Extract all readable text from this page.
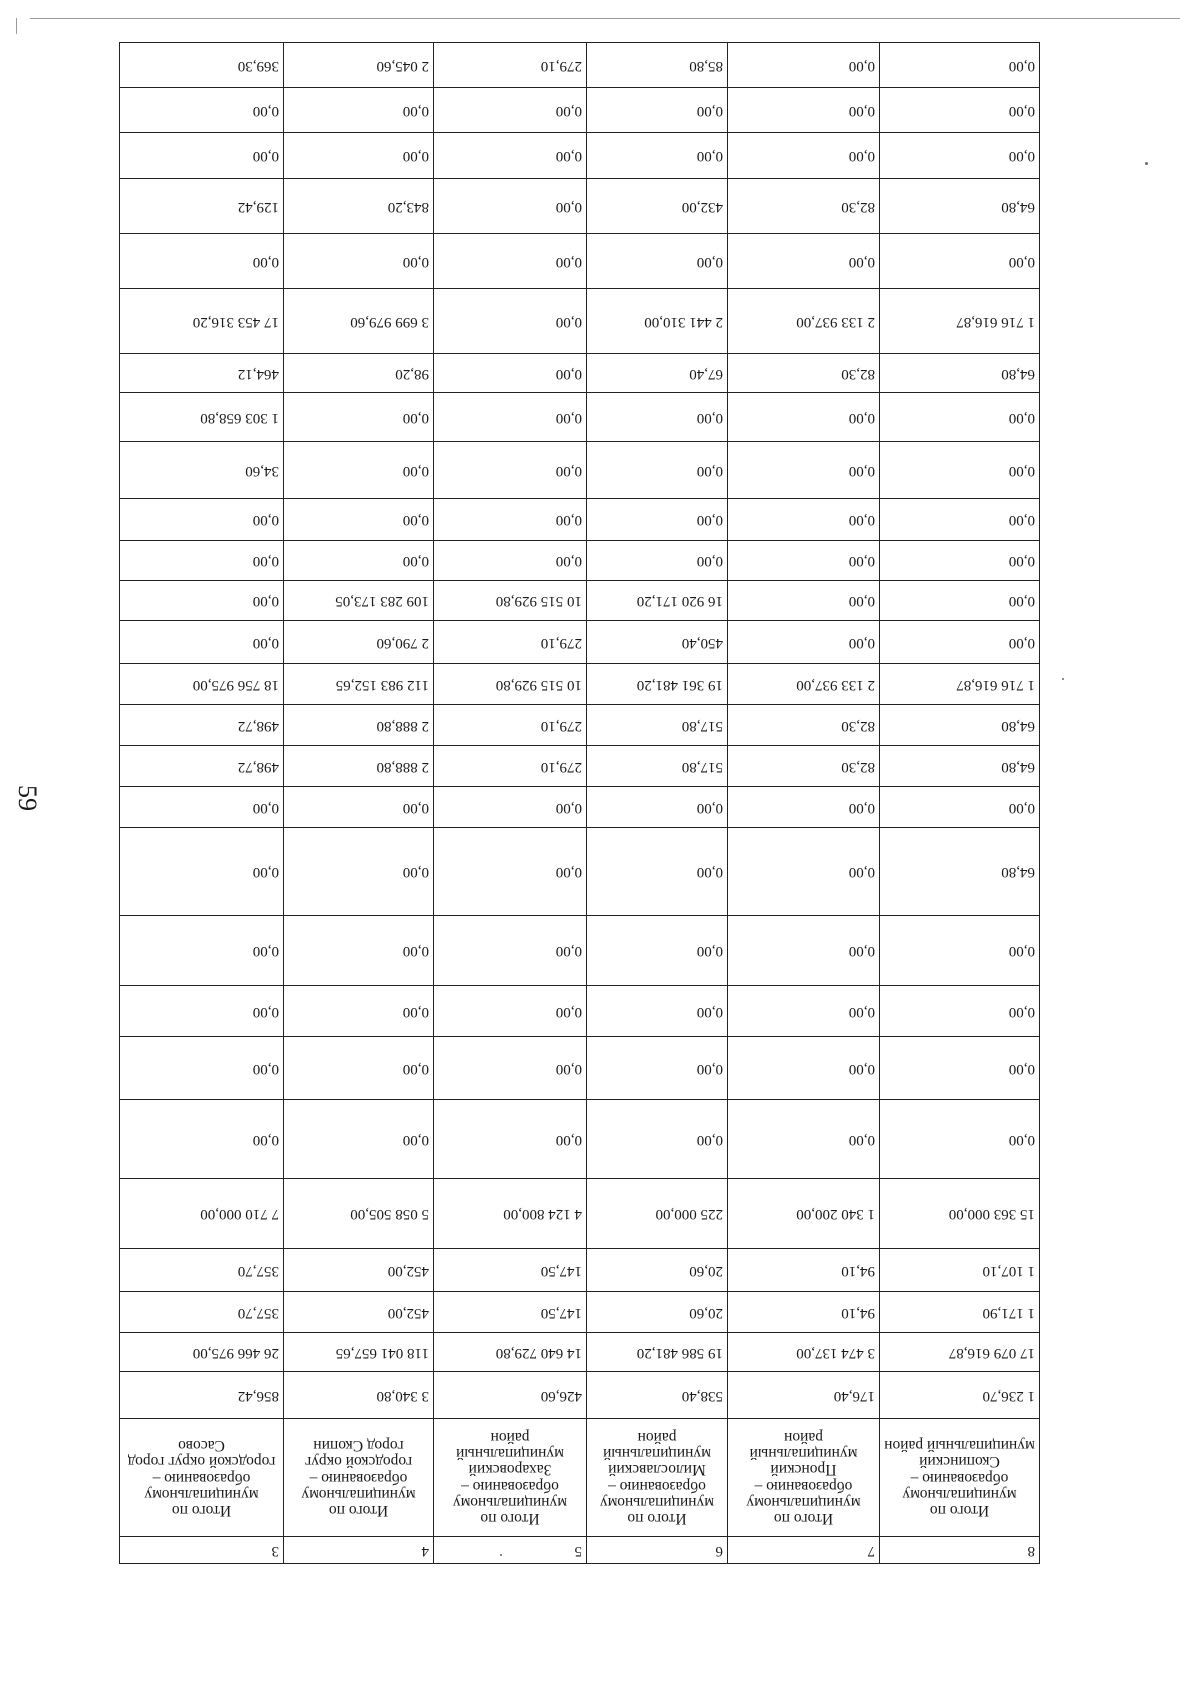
59
8	7	6	5	4	3
Итого по муниципальному образованию – Скопинский муниципальный район	Итого по муниципальному образованию – Пронский муниципальный район	Итого по муниципальному образованию – Милославский муниципальный район	Итого по муниципальному образованию – Захаровский муниципальный район	Итого по муниципальному образованию – городской округ город Скопин	Итого по муниципальному образованию – городской округ город Сасово
1 236,70	176,40	538,40	426,60	3 340,80	856,42
17 079 616,87	3 474 137,00	19 586 481,20	14 640 729,80	118 041 657,65	26 466 975,00
1 171,90	94,10	20,60	147,50	452,00	357,70
1 107,10	94,10	20,60	147,50	452,00	357,70
15 363 000,00	1 340 200,00	225 000,00	4 124 800,00	5 058 505,00	7 710 000,00
0,00	0,00	0,00	0,00	0,00	0,00
0,00	0,00	0,00	0,00	0,00	0,00
0,00	0,00	0,00	0,00	0,00	0,00
0,00	0,00	0,00	0,00	0,00	0,00
64,80	0,00	0,00	0,00	0,00	0,00
0,00	0,00	0,00	0,00	0,00	0,00
64,80	82,30	517,80	279,10	2 888,80	498,72
64,80	82,30	517,80	279,10	2 888,80	498,72
1 716 616,87	2 133 937,00	19 361 481,20	10 515 929,80	112 983 152,65	18 756 975,00
0,00	0,00	450,40	279,10	2 790,60	0,00
0,00	0,00	16 920 171,20	10 515 929,80	109 283 173,05	0,00
0,00	0,00	0,00	0,00	0,00	0,00
0,00	0,00	0,00	0,00	0,00	0,00
0,00	0,00	0,00	0,00	0,00	34,60
0,00	0,00	0,00	0,00	0,00	1 303 658,80
64,80	82,30	67,40	0,00	98,20	464,12
1 716 616,87	2 133 937,00	2 441 310,00	0,00	3 699 979,60	17 453 316,20
0,00	0,00	0,00	0,00	0,00	0,00
64,80	82,30	432,00	0,00	843,20	129,42
0,00	0,00	0,00	0,00	0,00	0,00
0,00	0,00	0,00	0,00	0,00	0,00
0,00	0,00	85,80	279,10	2 045,60	369,30
